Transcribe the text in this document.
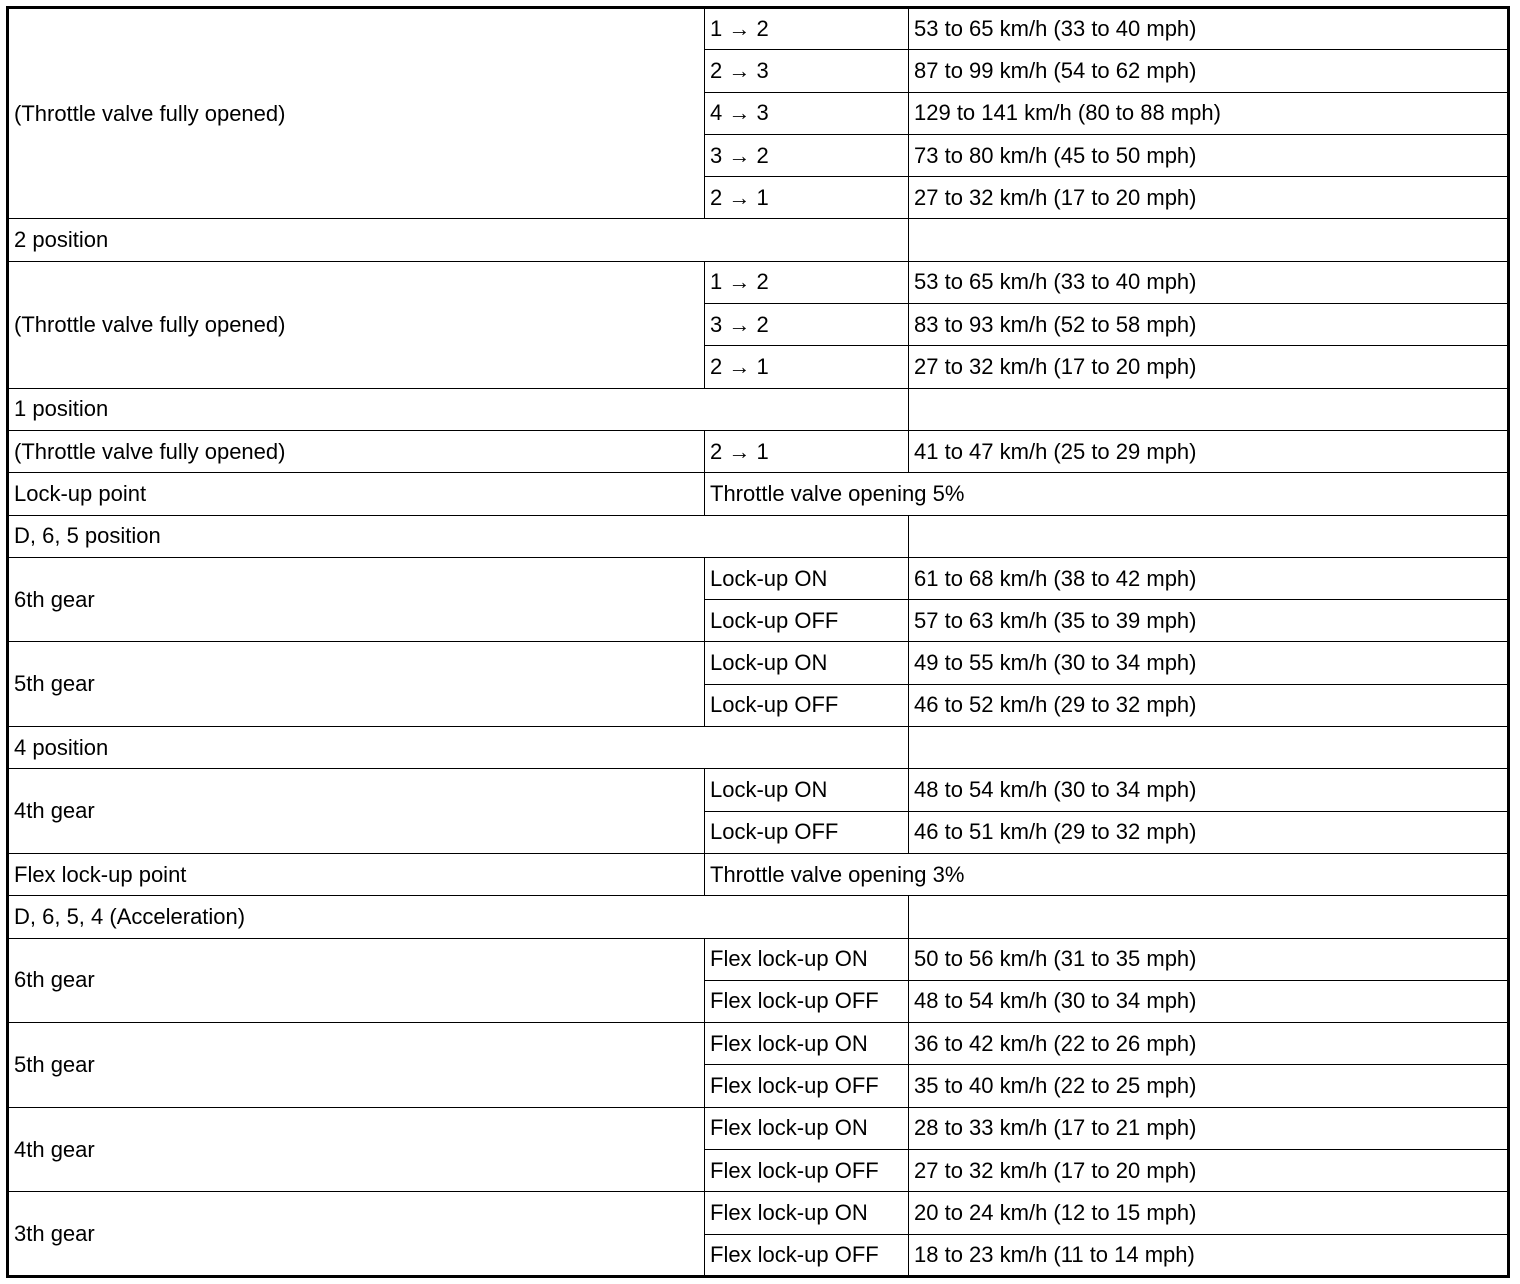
(Throttle valve fully opened)	1 → 2	53 to 65 km/h (33 to 40 mph)
	2 → 3	87 to 99 km/h (54 to 62 mph)
	4 → 3	129 to 141 km/h (80 to 88 mph)
	3 → 2	73 to 80 km/h (45 to 50 mph)
	2 → 1	27 to 32 km/h (17 to 20 mph)
2 position		
(Throttle valve fully opened)	1 → 2	53 to 65 km/h (33 to 40 mph)
	3 → 2	83 to 93 km/h (52 to 58 mph)
	2 → 1	27 to 32 km/h (17 to 20 mph)
1 position		
(Throttle valve fully opened)	2 → 1	41 to 47 km/h (25 to 29 mph)
Lock-up point	Throttle valve opening 5%	
D, 6, 5 position		
6th gear	Lock-up ON	61 to 68 km/h (38 to 42 mph)
	Lock-up OFF	57 to 63 km/h (35 to 39 mph)
5th gear	Lock-up ON	49 to 55 km/h (30 to 34 mph)
	Lock-up OFF	46 to 52 km/h (29 to 32 mph)
4 position		
4th gear	Lock-up ON	48 to 54 km/h (30 to 34 mph)
	Lock-up OFF	46 to 51 km/h (29 to 32 mph)
Flex lock-up point	Throttle valve opening 3%	
D, 6, 5, 4 (Acceleration)		
6th gear	Flex lock-up ON	50 to 56 km/h (31 to 35 mph)
	Flex lock-up OFF	48 to 54 km/h (30 to 34 mph)
5th gear	Flex lock-up ON	36 to 42 km/h (22 to 26 mph)
	Flex lock-up OFF	35 to 40 km/h (22 to 25 mph)
4th gear	Flex lock-up ON	28 to 33 km/h (17 to 21 mph)
	Flex lock-up OFF	27 to 32 km/h (17 to 20 mph)
3th gear	Flex lock-up ON	20 to 24 km/h (12 to 15 mph)
	Flex lock-up OFF	18 to 23 km/h (11 to 14 mph)
